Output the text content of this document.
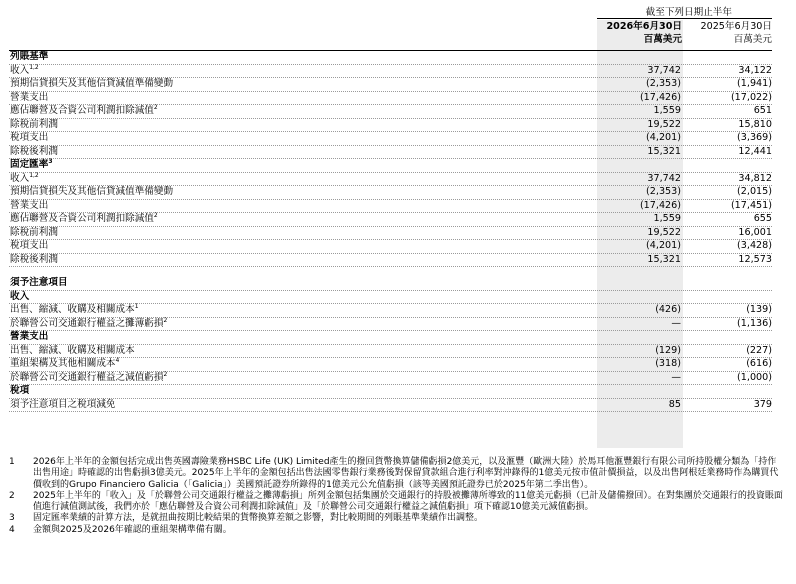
截至下列日期止半年
2026年6月30日
百萬美元
2025年6月30日
百萬美元
列賬基準
收入$^{1,2}$	37,742	34,122
預期信貸損失及其他信貸減值準備變動	(2,353)	(1,941)
營業支出	(17,426)	(17,022)
應佔聯營及合資公司利潤扣除減值$^2$	1,559	651
除稅前利潤	19,522	15,810
稅項支出	(4,201)	(3,369)
除稅後利潤	15,321	12,441
固定匯率$^3$
收入$^{1,2}$	37,742	34,812
預期信貸損失及其他信貸減值準備變動	(2,353)	(2,015)
營業支出	(17,426)	(17,451)
應佔聯營及合資公司利潤扣除減值$^2$	1,559	655
除稅前利潤	19,522	16,001
稅項支出	(4,201)	(3,428)
除稅後利潤	15,321	12,573
須予注意項目
收入
出售、縮減、收購及相關成本$^1$	(426)	(139)
於聯營公司交通銀行權益之攤薄虧損$^2$	—	(1,136)
營業支出
出售、縮減、收購及相關成本	(129)	(227)
重組架構及其他相關成本$^4$	(318)	(616)
於聯營公司交通銀行權益之減值虧損$^2$	—	(1,000)
稅項
須予注意項目之稅項減免	85	379
1 2026年上半年的金額包括完成出售英國壽險業務HSBC Life (UK) Limited產生的撥回貨幣換算儲備虧損2億美元，以及滙豐（歐洲大陸）於馬耳他滙豐銀行有限公司所持股權分類為「持作出售用途」時確認的出售虧損3億美元。2025年上半年的金額包括出售法國零售銀行業務後對保留貸款組合進行利率對沖錄得的1億美元按市值計價損益，以及出售阿根廷業務時作為購買代價收到的Grupo Financiero Galicia（「Galicia」）美國預託證券所錄得的1億美元公允值虧損（該等美國預託證券已於2025年第二季出售）。
2 2025年上半年的「收入」及「於聯營公司交通銀行權益之攤薄虧損」所列金額包括集團於交通銀行的持股被攤薄所導致的11億美元虧損（已計及儲備撥回）。在對集團於交通銀行的投資賬面值進行減值測試後，我們亦於「應佔聯營及合資公司利潤扣除減值」及「於聯營公司交通銀行權益之減值虧損」項下確認10億美元減值虧損。
3 固定匯率業績的計算方法，是就扭曲按期比較結果的貨幣換算差額之影響，對比較期間的列賬基準業績作出調整。
4 金額與2025及2026年確認的重組架構準備有關。
